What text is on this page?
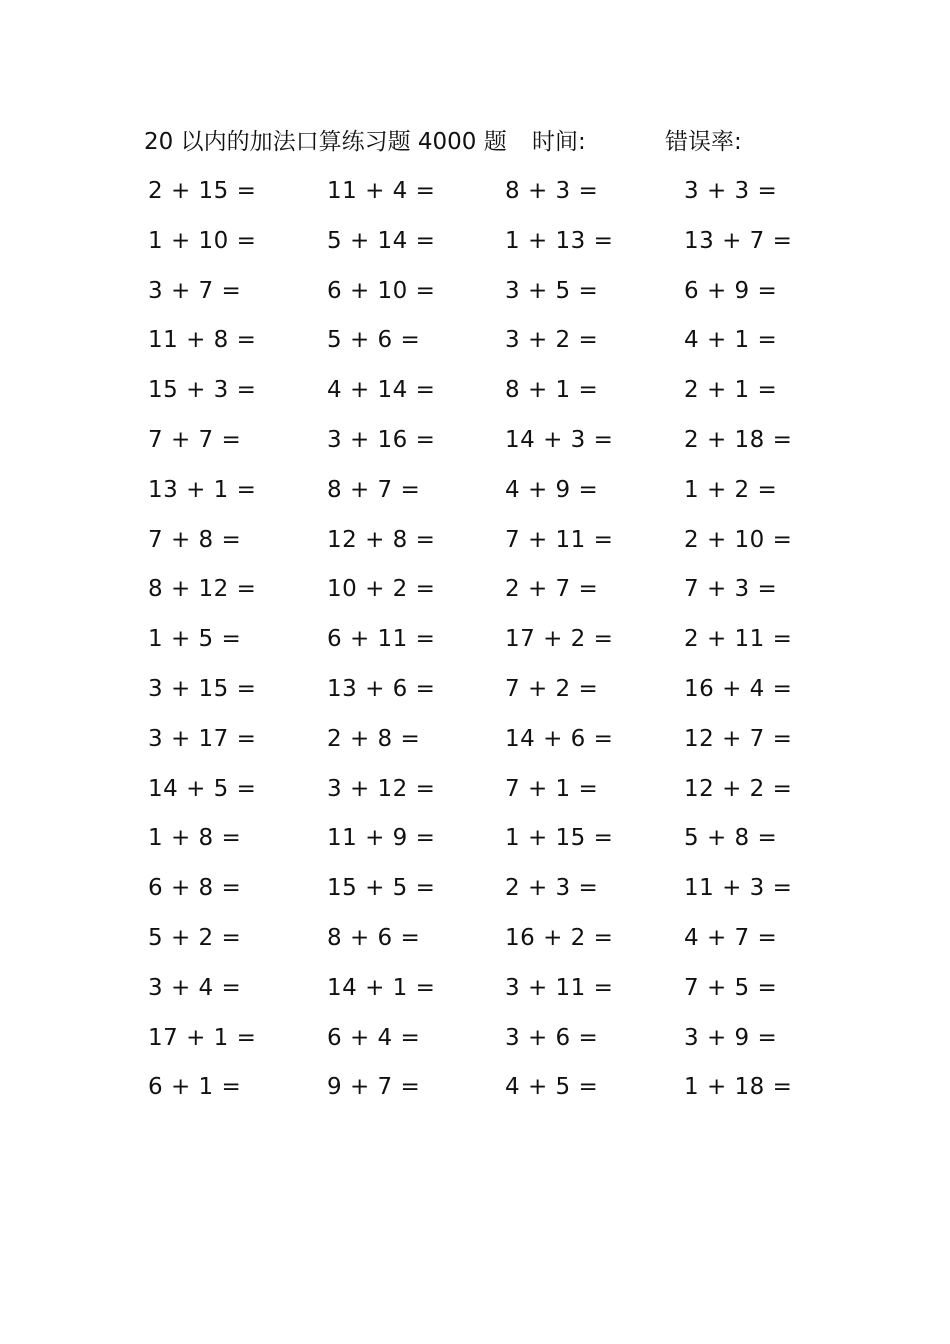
20 以内的加法口算练习题 4000 题 时间:	错误率:
2 + 15 =	11 + 4 =	8 + 3 =	3 + 3 =
1 + 10 =	5 + 14 =	1 + 13 =	13 + 7 =
3 + 7 =	6 + 10 =	3 + 5 =	6 + 9 =
11 + 8 =	5 + 6 =	3 + 2 =	4 + 1 =
15 + 3 =	4 + 14 =	8 + 1 =	2 + 1 =
7 + 7 =	3 + 16 =	14 + 3 =	2 + 18 =
13 + 1 =	8 + 7 =	4 + 9 =	1 + 2 =
7 + 8 =	12 + 8 =	7 + 11 =	2 + 10 =
8 + 12 =	10 + 2 =	2 + 7 =	7 + 3 =
1 + 5 =	6 + 11 =	17 + 2 =	2 + 11 =
3 + 15 =	13 + 6 =	7 + 2 =	16 + 4 =
3 + 17 =	2 + 8 =	14 + 6 =	12 + 7 =
14 + 5 =	3 + 12 =	7 + 1 =	12 + 2 =
1 + 8 =	11 + 9 =	1 + 15 =	5 + 8 =
6 + 8 =	15 + 5 =	2 + 3 =	11 + 3 =
5 + 2 =	8 + 6 =	16 + 2 =	4 + 7 =
3 + 4 =	14 + 1 =	3 + 11 =	7 + 5 =
17 + 1 =	6 + 4 =	3 + 6 =	3 + 9 =
6 + 1 =	9 + 7 =	4 + 5 =	1 + 18 =
